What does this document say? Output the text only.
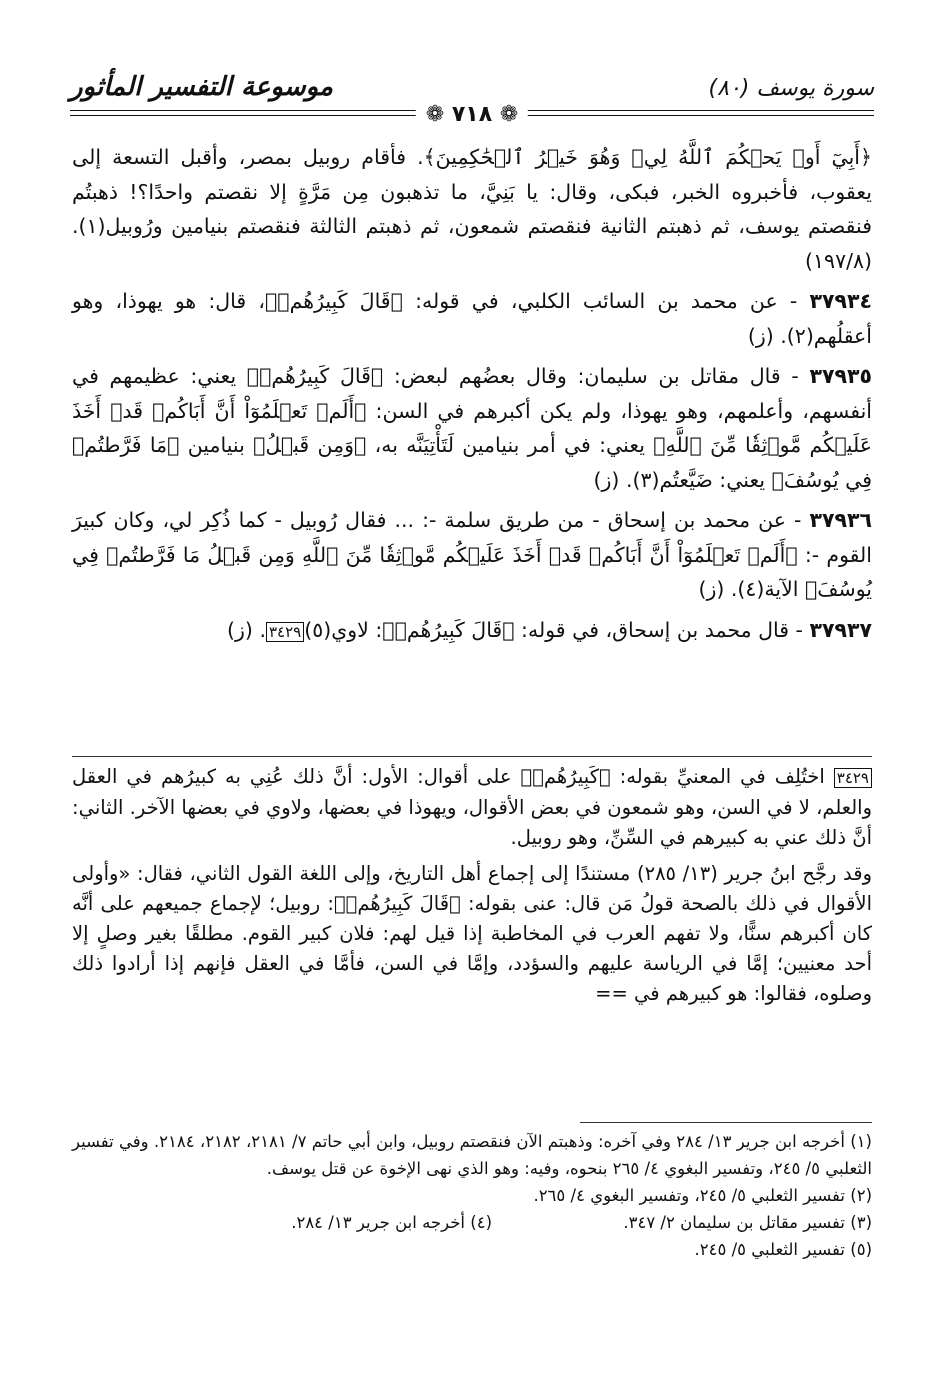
سورة يوسف (٨٠)
موسوعة التفسير المأثور
❁ ٧١٨ ❁

﴿أَبِيٓ أَوۡ يَحۡكُمَ ٱللَّهُ لِيۖ وَهُوَ خَيۡرُ ٱلۡحَٰكِمِينَ﴾. فأقام روبيل بمصر، وأقبل التسعة إلى يعقوب، فأخبروه الخبر، فبكى، وقال: يا بَنِيَّ، ما تذهبون مِن مَرَّةٍ إلا نقصتم واحدًا؟! ذهبتُم فنقصتم يوسف، ثم ذهبتم الثانية فنقصتم شمعون، ثم ذهبتم الثالثة فنقصتم بنيامين ورُوبيل(١). (١٩٧/٨)

٣٧٩٣٤ - عن محمد بن السائب الكلبي، في قوله: ﴿قَالَ كَبِيرُهُمۡ﴾، قال: هو يهوذا، وهو أعقلُهم(٢). (ز)

٣٧٩٣٥ - قال مقاتل بن سليمان: وقال بعضُهم لبعض: ﴿قَالَ كَبِيرُهُمۡ﴾ يعني: عظيمهم في أنفسهم، وأعلمهم، وهو يهوذا، ولم يكن أكبرهم في السن: ﴿أَلَمۡ تَعۡلَمُوٓاْ أَنَّ أَبَاكُمۡ قَدۡ أَخَذَ عَلَيۡكُم مَّوۡثِقٗا مِّنَ ٱللَّهِ﴾ يعني: في أمر بنيامين لَتَأْتِيَنَّه به، ﴿وَمِن قَبۡلُ﴾ بنيامين ﴿مَا فَرَّطتُمۡ فِي يُوسُفَ﴾ يعني: ضَيَّعتُم(٣). (ز)

٣٧٩٣٦ - عن محمد بن إسحاق - من طريق سلمة -: ... فقال رُوبيل - كما ذُكِر لي، وكان كبيرَ القوم -: ﴿أَلَمۡ تَعۡلَمُوٓاْ أَنَّ أَبَاكُمۡ قَدۡ أَخَذَ عَلَيۡكُم مَّوۡثِقٗا مِّنَ ٱللَّهِ وَمِن قَبۡلُ مَا فَرَّطتُمۡ فِي يُوسُفَ﴾ الآية(٤). (ز)

٣٧٩٣٧ - قال محمد بن إسحاق، في قوله: ﴿قَالَ كَبِيرُهُمۡ﴾: لاوي(٥)٣٤٢٩. (ز)

٣٤٢٩ اختُلِف في المعنيِّ بقوله: ﴿كَبِيرُهُمۡ﴾ على أقوال: الأول: أنَّ ذلك عُنِي به كبيرُهم في العقل والعلم، لا في السن، وهو شمعون في بعض الأقوال، ويهوذا في بعضها، ولاوي في بعضها الآخر. الثاني: أنَّ ذلك عني به كبيرهم في السِّنِّ، وهو روبيل.

وقد رجَّح ابنُ جرير (١٣/ ٢٨٥) مستندًا إلى إجماع أهل التاريخ، وإلى اللغة القول الثاني، فقال: «وأولى الأقوال في ذلك بالصحة قولُ مَن قال: عنى بقوله: ﴿قَالَ كَبِيرُهُمۡ﴾: روبيل؛ لإجماع جميعهم على أنَّه كان أكبرهم سنًّا، ولا تفهم العرب في المخاطبة إذا قيل لهم: فلان كبير القوم. مطلقًا بغير وصلٍ إلا أحد معنيين؛ إمَّا في الرياسة عليهم والسؤدد، وإمَّا في السن، فأمَّا في العقل فإنهم إذا أرادوا ذلك وصلوه، فقالوا: هو كبيرهم في ==

(١) أخرجه ابن جرير ١٣/ ٢٨٤ وفي آخره: وذهبتم الآن فنقصتم روبيل، وابن أبي حاتم ٧/ ٢١٨١، ٢١٨٢، ٢١٨٤. وفي تفسير الثعلبي ٥/ ٢٤٥، وتفسير البغوي ٤/ ٢٦٥ بنحوه، وفيه: وهو الذي نهى الإخوة عن قتل يوسف.
(٢) تفسير الثعلبي ٥/ ٢٤٥، وتفسير البغوي ٤/ ٢٦٥.
(٣) تفسير مقاتل بن سليمان ٢/ ٣٤٧.
(٤) أخرجه ابن جرير ١٣/ ٢٨٤.
(٥) تفسير الثعلبي ٥/ ٢٤٥.
